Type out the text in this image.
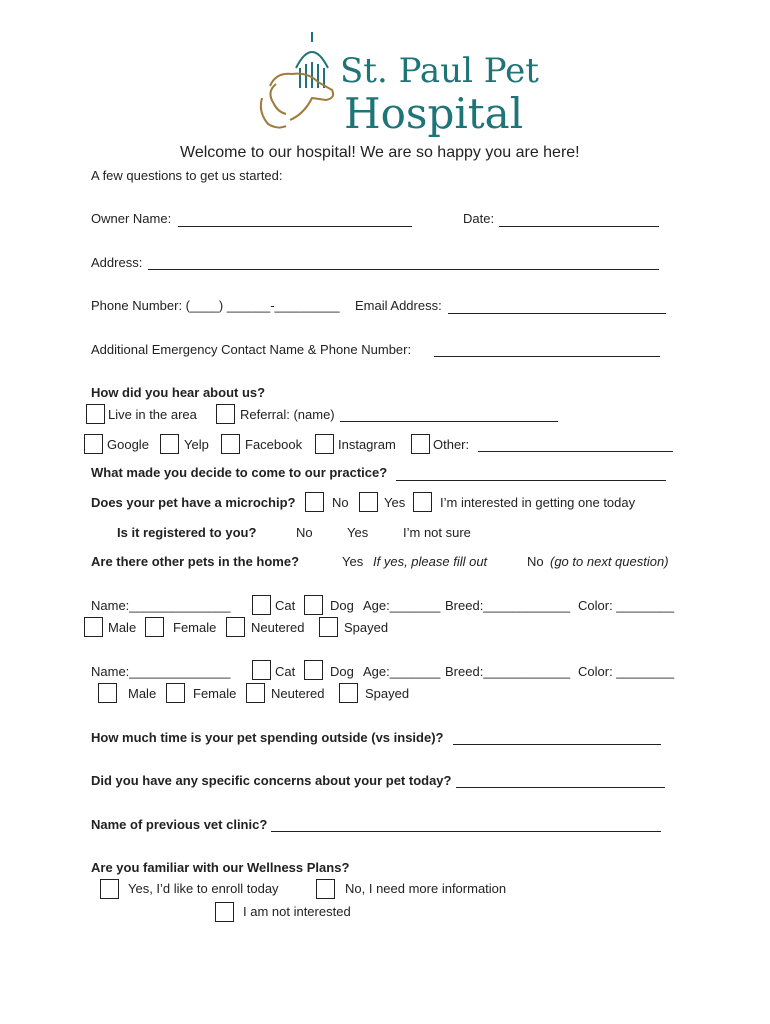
St. Paul Pet
Hospital
Welcome to our hospital! We are so happy you are here!
A few questions to get us started:
Owner Name:	Date:
Address:
Phone Number: (____) ______-_________ Email Address:
Additional Emergency Contact Name & Phone Number:
How did you hear about us?
Live in the area	Referral: (name)
Google	Yelp	Facebook	Instagram	Other:
What made you decide to come to our practice?
Does your pet have a microchip?	No	Yes	I’m interested in getting one today
Is it registered to you?	No	Yes	I’m not sure
Are there other pets in the home?	Yes If yes, please fill out	No (go to next question)
Name:______________	Cat	Dog Age:_______ Breed:____________ Color: ________
Male	Female	Neutered	Spayed
Name:______________	Cat	Dog Age:_______ Breed:____________ Color: ________
Male	Female	Neutered	Spayed
How much time is your pet spending outside (vs inside)?
Did you have any specific concerns about your pet today?
Name of previous vet clinic?
Are you familiar with our Wellness Plans?
Yes, I’d like to enroll today	No, I need more information
I am not interested
